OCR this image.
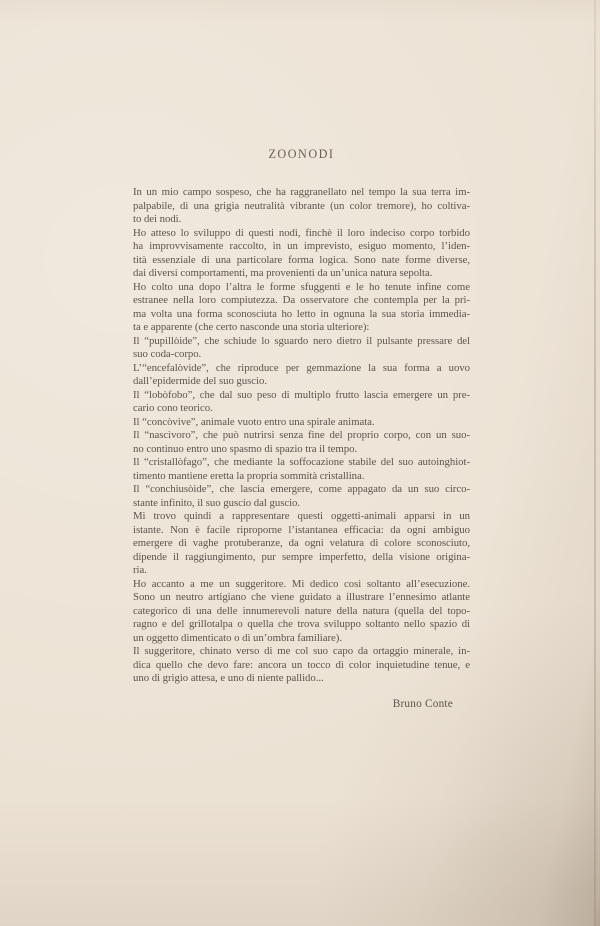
ZOONODI
In un mio campo sospeso, che ha raggranellato nel tempo la sua terra im-
palpabile, di una grigia neutralità vibrante (un color tremore), ho coltiva-
to dei nodi.
Ho atteso lo sviluppo di questi nodi, finchè il loro indeciso corpo torbido
ha improvvisamente raccolto, in un imprevisto, esiguo momento, l’iden-
tità essenziale di una particolare forma logica. Sono nate forme diverse,
dai diversi comportamenti, ma provenienti da un’unica natura sepolta.
Ho colto una dopo l’altra le forme sfuggenti e le ho tenute infine come
estranee nella loro compiutezza. Da osservatore che contempla per la pri-
ma volta una forma sconosciuta ho letto in ognuna la sua storia immedia-
ta e apparente (che certo nasconde una storia ulteriore):
Il “pupillòide”, che schiude lo sguardo nero dietro il pulsante pressare del
suo coda-corpo.
L’“encefalòvide”, che riproduce per gemmazione la sua forma a uovo
dall’epidermide del suo guscio.
Il “lobòfobo”, che dal suo peso di multiplo frutto lascia emergere un pre-
cario cono teorico.
Il “concòvive”, animale vuoto entro una spirale animata.
Il “nascìvoro”, che può nutrirsi senza fine del proprio corpo, con un suo-
no continuo entro uno spasmo di spazio tra il tempo.
Il “cristallòfago”, che mediante la soffocazione stabile del suo autoinghiot-
timento mantiene eretta la propria sommità cristallina.
Il “conchiusòide”, che lascia emergere, come appagato da un suo circo-
stante infinito, il suo guscio dal guscio.
Mi trovo quindi a rappresentare questi oggetti-animali apparsi in un
istante. Non è facile riproporne l’istantanea efficacia: da ogni ambiguo
emergere di vaghe protuberanze, da ogni velatura di colore sconosciuto,
dipende il raggiungimento, pur sempre imperfetto, della visione origina-
ria.
Ho accanto a me un suggeritore. Mi dedico così soltanto all’esecuzione.
Sono un neutro artigiano che viene guidato a illustrare l’ennesimo atlante
categorico di una delle innumerevoli nature della natura (quella del topo-
ragno e del grillotalpa o quella che trova sviluppo soltanto nello spazio di
un oggetto dimenticato o di un’ombra familiare).
Il suggeritore, chinato verso di me col suo capo da ortaggio minerale, in-
dica quello che devo fare: ancora un tocco di color inquietudine tenue, e
uno di grigio attesa, e uno di niente pallido...
Bruno Conte
